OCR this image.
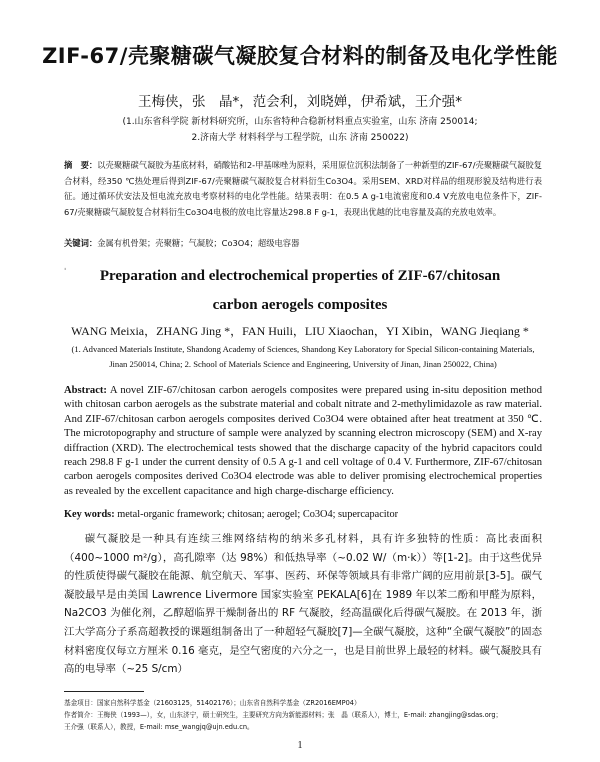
ZIF-67/壳聚糖碳气凝胶复合材料的制备及电化学性能
王梅侠，张　晶*，范会利，刘晓婵，伊希斌，王介强*
(1.山东省科学院 新材料研究所，山东省特种合稳新材料重点实验室，山东 济南 250014;
2.济南大学 材料科学与工程学院，山东 济南 250022)
摘　要：以壳聚糖碳气凝胶为基底材料，硝酸钴和2-甲基咪唑为原料，采用原位沉积法制备了一种新型的ZIF-67/壳聚糖碳气凝胶复合材料，经350 ℃热处理后得到ZIF-67/壳聚糖碳气凝胶复合材料衍生Co3O4。采用SEM、XRD对样品的组现形貌及结构进行表征。通过循环伏安法及恒电流充放电考察材料的电化学性能。结果表明：在0.5 A g-1电流密度和0.4 V充放电电位条件下，ZIF-67/壳聚糖碳气凝胶复合材料衍生Co3O4电极的放电比容量达298.8 F g-1，表现出优越的比电容量及高的充放电效率。
关键词：金属有机骨架；壳聚糖；气凝胶；Co3O4；超级电容器
ˌ
Preparation and electrochemical properties of ZIF-67/chitosan
carbon aerogels composites
WANG Meixia，ZHANG Jing *，FAN Huili，LIU Xiaochan，YI Xibin，WANG Jieqiang *
(1. Advanced Materials Institute, Shandong Academy of Sciences, Shandong Key Laboratory for Special Silicon-containing Materials, Jinan 250014, China; 2. School of Materials Science and Engineering, University of Jinan, Jinan 250022, China)
Abstract: A novel ZIF-67/chitosan carbon aerogels composites were prepared using in-situ deposition method with chitosan carbon aerogels as the substrate material and cobalt nitrate and 2-methylimidazole as raw material. And ZIF-67/chitosan carbon aerogels composites derived Co3O4 were obtained after heat treatment at 350 ℃. The microtopography and structure of sample were analyzed by scanning electron microscopy (SEM) and X-ray diffraction (XRD). The electrochemical tests showed that the discharge capacity of the hybrid capacitors could reach 298.8 F g-1 under the current density of 0.5 A g-1 and cell voltage of 0.4 V. Furthermore, ZIF-67/chitosan carbon aerogels composites derived Co3O4 electrode was able to deliver promising electrochemical properties as revealed by the excellent capacitance and high charge-discharge efficiency.
Key words: metal-organic framework; chitosan; aerogel; Co3O4; supercapacitor
碳气凝胶是一种具有连续三维网络结构的纳米多孔材料，具有许多独特的性质：高比表面积（400~1000 m²/g），高孔隙率（达 98%）和低热导率（~0.02 W/（m·k））等[1-2]。由于这些优异的性质使得碳气凝胶在能源、航空航天、军事、医药、环保等领域具有非常广阔的应用前景[3-5]。碳气凝胶最早是由美国 Lawrence Livermore 国家实验室 PEKALA[6]在 1989 年以苯二酚和甲醛为原料，Na2CO3 为催化剂，乙醇超临界干燥制备出的 RF 气凝胶，经高温碳化后得碳气凝胶。在 2013 年，浙江大学高分子系高超教授的课题组制备出了一种超轻气凝胶[7]—全碳气凝胶，这种“全碳气凝胶”的固态材料密度仅每立方厘米 0.16 毫克，是空气密度的六分之一，也是目前世界上最轻的材料。碳气凝胶具有高的电导率（~25 S/cm）
基金项目：国家自然科学基金（21603125，51402176）；山东省自然科学基金（ZR2016EMP04）
作者简介：王梅侠（1993—），女，山东济宁，硕士研究生，主要研究方向为新能源材料；张　晶（联系人），博士，E-mail: zhangjing@sdas.org；
王介强（联系人），教授，E-mail: mse_wangjq@ujn.edu.cn。
1
